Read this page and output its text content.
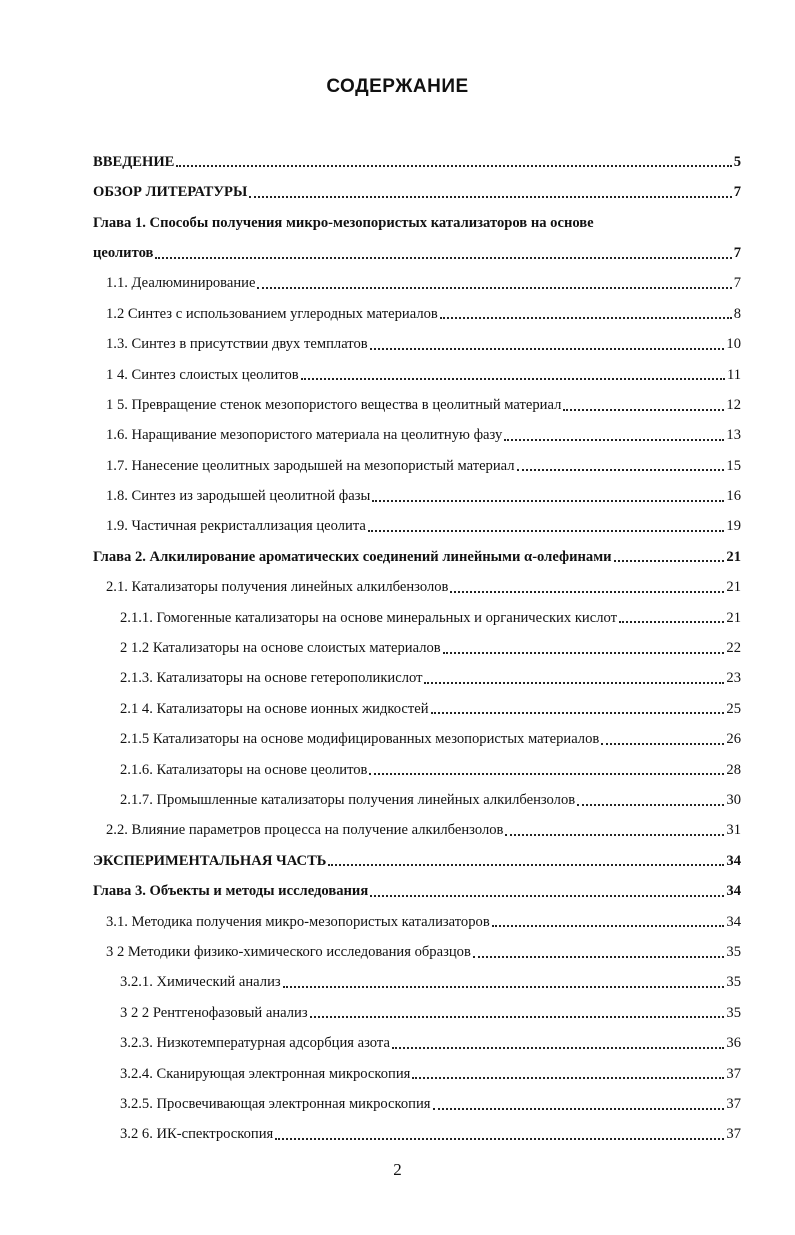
СОДЕРЖАНИЕ
ВВЕДЕНИЕ	5
ОБЗОР ЛИТЕРАТУРЫ	7
Глава 1. Способы получения микро-мезопористых катализаторов на основе
цеолитов	7
1.1. Деалюминирование	7
1.2 Синтез с использованием углеродных материалов	8
1.3. Синтез в присутствии двух темплатов	10
1 4. Синтез слоистых цеолитов	11
1 5. Превращение стенок мезопористого вещества в цеолитный материал	12
1.6. Наращивание мезопористого материала на цеолитную фазу	13
1.7. Нанесение цеолитных зародышей на мезопористый материал	15
1.8. Синтез из зародышей цеолитной фазы	16
1.9. Частичная рекристаллизация цеолита	19
Глава 2. Алкилирование ароматических соединений линейными α-олефинами	21
2.1. Катализаторы получения линейных алкилбензолов	21
2.1.1. Гомогенные катализаторы на основе минеральных и органических кислот	21
2 1.2 Катализаторы на основе слоистых материалов	22
2.1.3. Катализаторы на основе гетерополикислот	23
2.1 4. Катализаторы на основе ионных жидкостей	25
2.1.5 Катализаторы на основе модифицированных мезопористых материалов	26
2.1.6. Катализаторы на основе цеолитов	28
2.1.7. Промышленные катализаторы получения линейных алкилбензолов	30
2.2. Влияние параметров процесса на получение алкилбензолов	31
ЭКСПЕРИМЕНТАЛЬНАЯ ЧАСТЬ	34
Глава 3. Объекты и методы исследования	34
3.1. Методика получения микро-мезопористых катализаторов	34
3 2 Методики физико-химического исследования образцов	35
3.2.1. Химический анализ	35
3 2 2 Рентгенофазовый анализ	35
3.2.3. Низкотемпературная адсорбция азота	36
3.2.4. Сканирующая электронная микроскопия	37
3.2.5. Просвечивающая электронная микроскопия	37
3.2 6. ИК-спектроскопия	37
2
